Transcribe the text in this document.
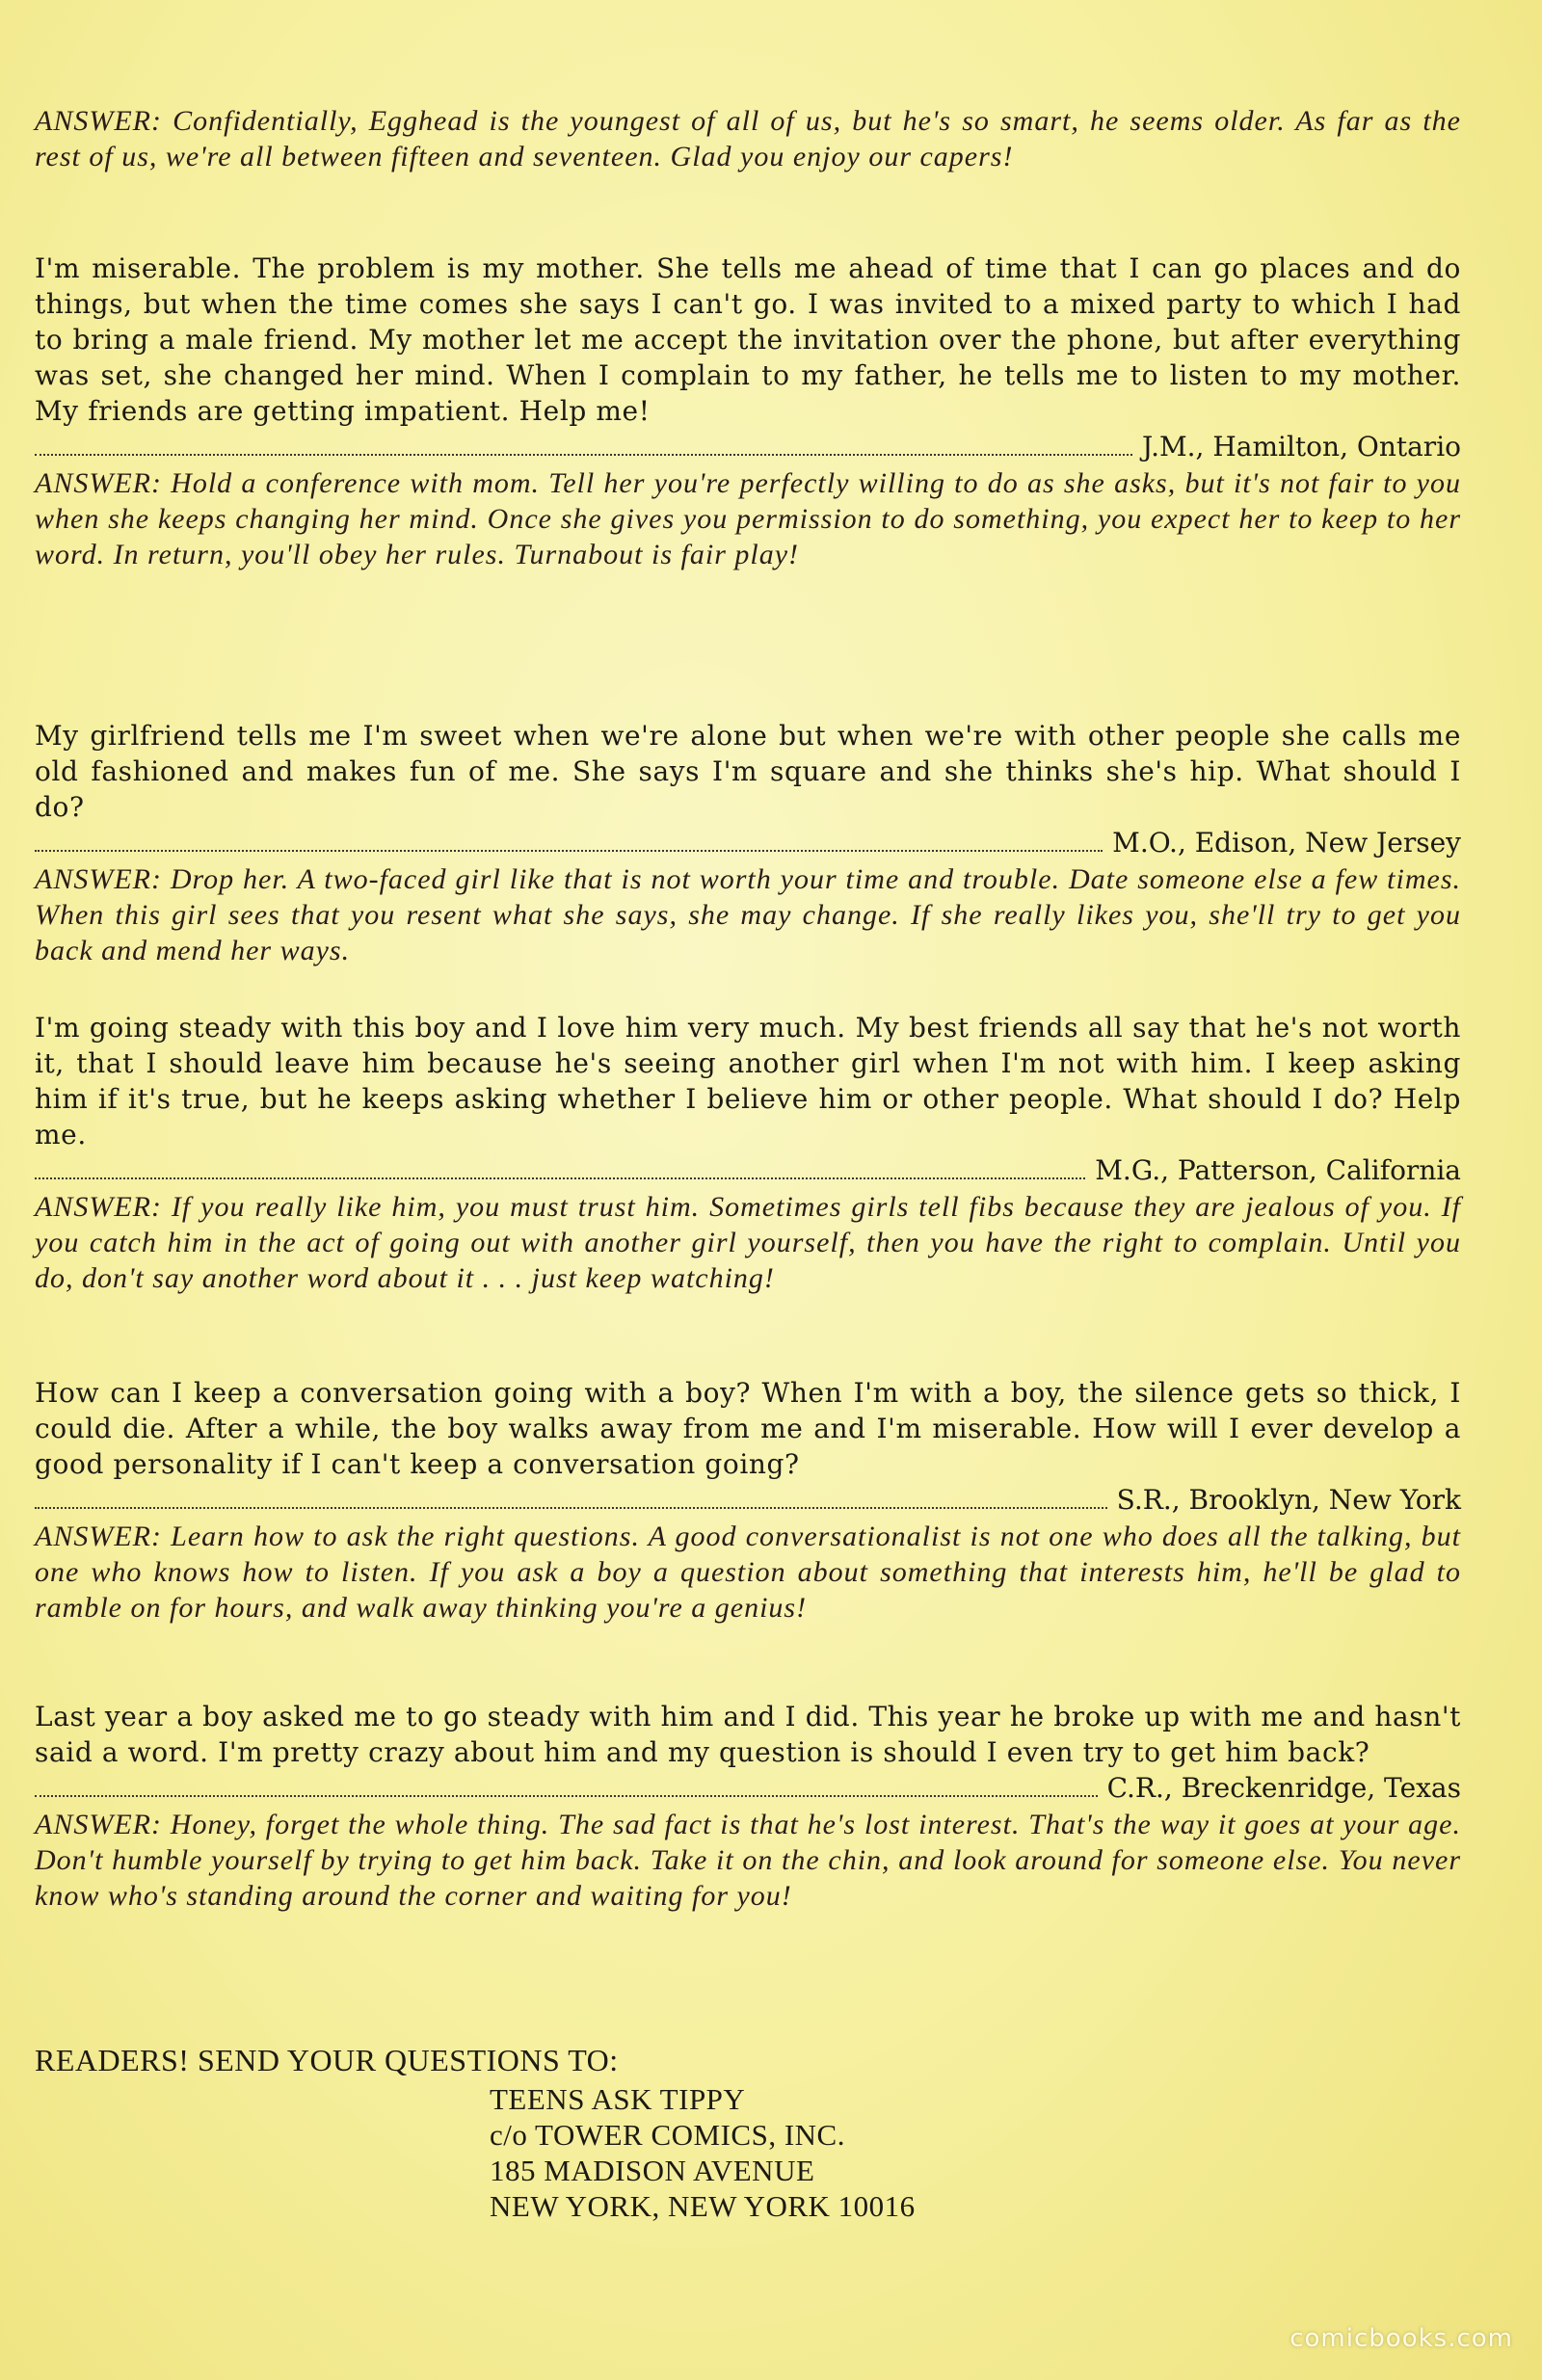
ANSWER: Confidentially, Egghead is the youngest of all of us, but he's so smart, he seems older. As far as the rest of us, we're all between fifteen and seventeen. Glad you enjoy our capers!

I'm miserable. The problem is my mother. She tells me ahead of time that I can go places and do things, but when the time comes she says I can't go. I was invited to a mixed party to which I had to bring a male friend. My mother let me accept the invitation over the phone, but after everything was set, she changed her mind. When I complain to my father, he tells me to listen to my mother. My friends are getting impatient. Help me!

J.M., Hamilton, Ontario

ANSWER: Hold a conference with mom. Tell her you're perfectly willing to do as she asks, but it's not fair to you when she keeps changing her mind. Once she gives you permission to do something, you expect her to keep to her word. In return, you'll obey her rules. Turnabout is fair play!

My girlfriend tells me I'm sweet when we're alone but when we're with other people she calls me old fashioned and makes fun of me. She says I'm square and she thinks she's hip. What should I do?

M.O., Edison, New Jersey

ANSWER: Drop her. A two-faced girl like that is not worth your time and trouble. Date someone else a few times. When this girl sees that you resent what she says, she may change. If she really likes you, she'll try to get you back and mend her ways.

I'm going steady with this boy and I love him very much. My best friends all say that he's not worth it, that I should leave him because he's seeing another girl when I'm not with him. I keep asking him if it's true, but he keeps asking whether I believe him or other people. What should I do? Help me.

M.G., Patterson, California

ANSWER: If you really like him, you must trust him. Sometimes girls tell fibs because they are jealous of you. If you catch him in the act of going out with another girl yourself, then you have the right to complain. Until you do, don't say another word about it . . . just keep watching!

How can I keep a conversation going with a boy? When I'm with a boy, the silence gets so thick, I could die. After a while, the boy walks away from me and I'm miserable. How will I ever develop a good personality if I can't keep a conversation going?

S.R., Brooklyn, New York

ANSWER: Learn how to ask the right questions. A good conversationalist is not one who does all the talking, but one who knows how to listen. If you ask a boy a question about something that interests him, he'll be glad to ramble on for hours, and walk away thinking you're a genius!

Last year a boy asked me to go steady with him and I did. This year he broke up with me and hasn't said a word. I'm pretty crazy about him and my question is should I even try to get him back?

C.R., Breckenridge, Texas

ANSWER: Honey, forget the whole thing. The sad fact is that he's lost interest. That's the way it goes at your age. Don't humble yourself by trying to get him back. Take it on the chin, and look around for someone else. You never know who's standing around the corner and waiting for you!

READERS! SEND YOUR QUESTIONS TO:

TEENS ASK TIPPY
c/o TOWER COMICS, INC.
185 MADISON AVENUE
NEW YORK, NEW YORK 10016
comicbooks.com
